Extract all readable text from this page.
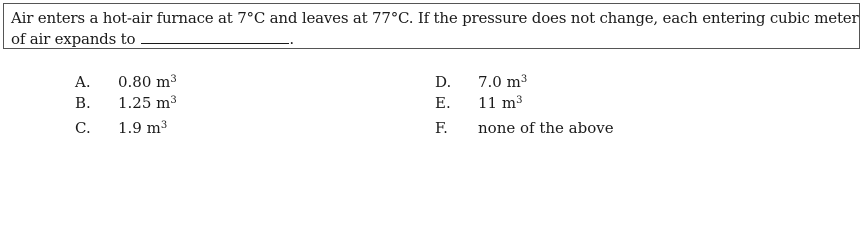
Air enters a hot-air furnace at 7°C and leaves at 77°C. If the pressure does not change, each entering cubic meter of air expands to	.

A. 0.80 $m^3$
B. 1.25 $m^3$
C. 1.9 $m^3$
D. 7.0 $m^3$
E. 11 $m^3$
F. none of the above
